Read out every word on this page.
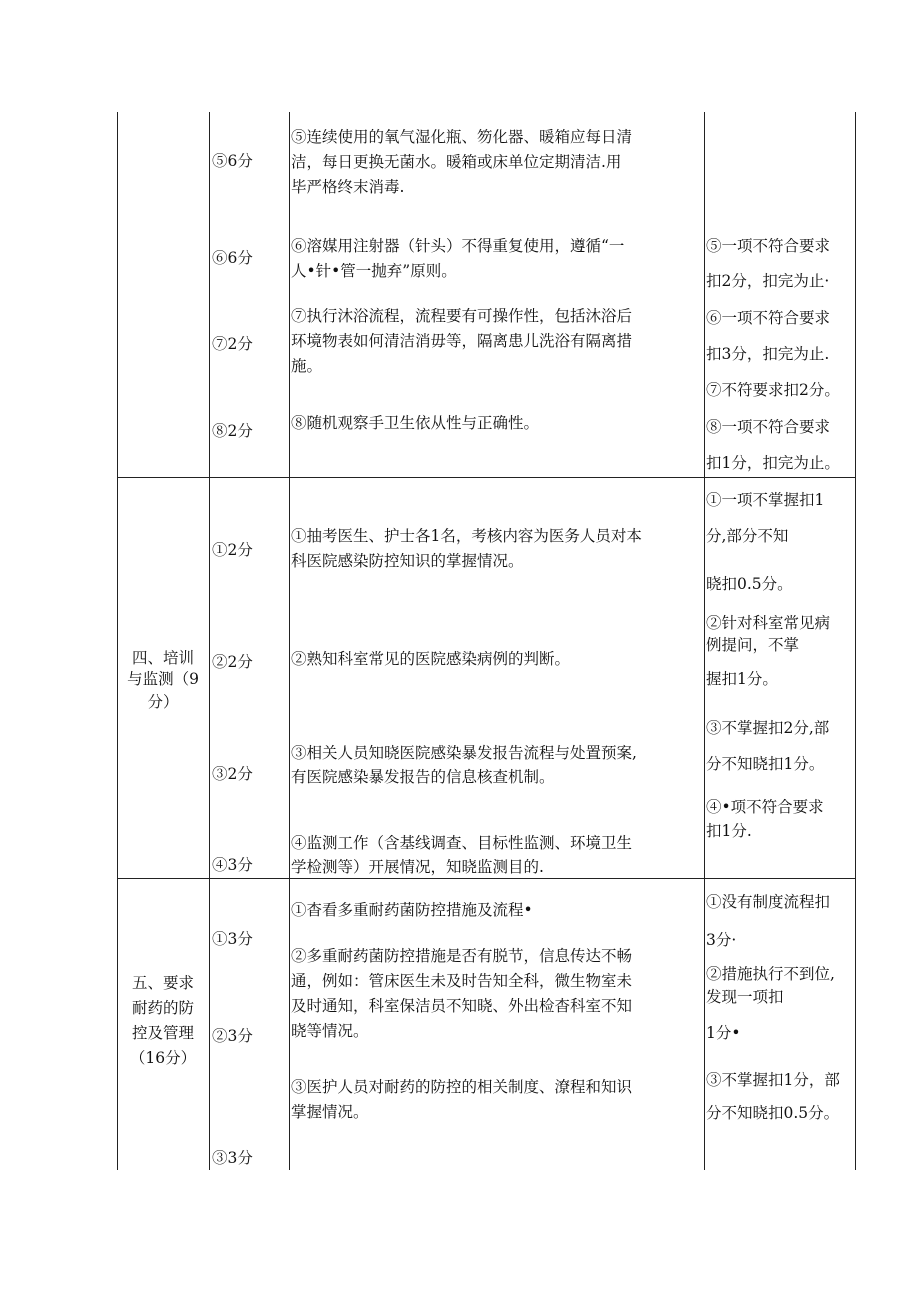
⑤6分
⑥6分
⑦2分
⑧2分
⑤连续使用的氧气湿化瓶、笏化器、暖箱应每日清
洁，每日更换无菌水。暖箱或床单位定期清洁.用
毕严格终末消毒.
⑥溶媒用注射器（针头）不得重复使用，遵循“一
人•针•管一抛弃”原则。
⑦执行沐浴流程，流程要有可操作性，包括沐浴后
环境物表如何清洁消毋等，隔离患儿洗浴有隔离措
施。
⑧随机观察手卫生依从性与正确性。
⑤一项不符合要求
扣2分，扣完为止·
⑥一项不符合要求
扣3分，扣完为止.
⑦不符要求扣2分。
⑧一项不符合要求
扣1分，扣完为止。
四、培训
与监测（9
分）
①2分
②2分
③2分
④3分
①抽考医生、护士各1名，考核内容为医务人员对本
科医院感染防控知识的掌握情况。
②熟知科室常见的医院感染病例的判断。
③相关人员知晓医院感染暴发报告流程与处置预案,
有医院感染暴发报告的信息核查机制。
④监测工作（含基线调查、目标性监测、环境卫生
学检测等）开展情况，知晓监测目的.
①一项不掌握扣1
分,部分不知
晓扣0.5分。
②针对科室常见病
例提问，不掌
握扣1分。
③不掌握扣2分,部
分不知晓扣1分。
④•项不符合要求
扣1分.
五、要求
耐药的防
控及管理
（16分）
①3分
②3分
③3分
①杳看多重耐药菌防控措施及流程•
②多重耐药菌防控措施是否有脱节，信息传达不畅
通，例如：管床医生未及时告知全科，微生物室未
及时通知，科室保洁员不知晓、外出检杳科室不知
晓等情况。
③医护人员对耐药的防控的相关制度、潦程和知识
掌握情况。
①没有制度流程扣
3分·
②措施执行不到位,
发现一项扣
1分•
③不掌握扣1分，部
分不知晓扣0.5分。
